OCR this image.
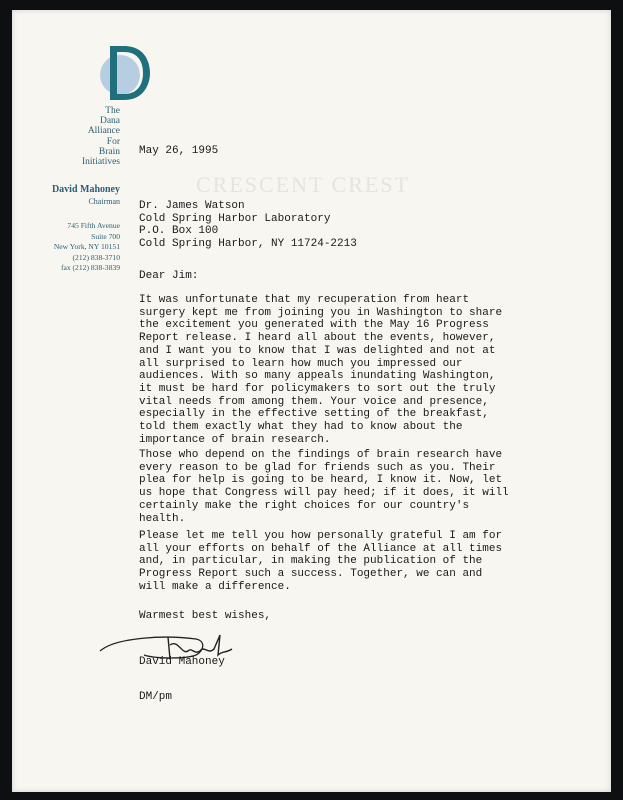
CRESCENT CREST
The
Dana
Alliance
For
Brain
Initiatives
David Mahoney
Chairman
745 Fifth Avenue
Suite 700
New York, NY 10151
(212) 838-3710
fax (212) 838-3839
May 26, 1995
Dr. James Watson
Cold Spring Harbor Laboratory
P.O. Box 100
Cold Spring Harbor, NY 11724-2213
Dear Jim:
It was unfortunate that my recuperation from heart
surgery kept me from joining you in Washington to share
the excitement you generated with the May 16 Progress
Report release. I heard all about the events, however,
and I want you to know that I was delighted and not at
all surprised to learn how much you impressed our
audiences. With so many appeals inundating Washington,
it must be hard for policymakers to sort out the truly
vital needs from among them. Your voice and presence,
especially in the effective setting of the breakfast,
told them exactly what they had to know about the
importance of brain research.
Those who depend on the findings of brain research have
every reason to be glad for friends such as you. Their
plea for help is going to be heard, I know it. Now, let
us hope that Congress will pay heed; if it does, it will
certainly make the right choices for our country's
health.
Please let me tell you how personally grateful I am for
all your efforts on behalf of the Alliance at all times
and, in particular, in making the publication of the
Progress Report such a success. Together, we can and
will make a difference.
Warmest best wishes,
David Mahoney
DM/pm
